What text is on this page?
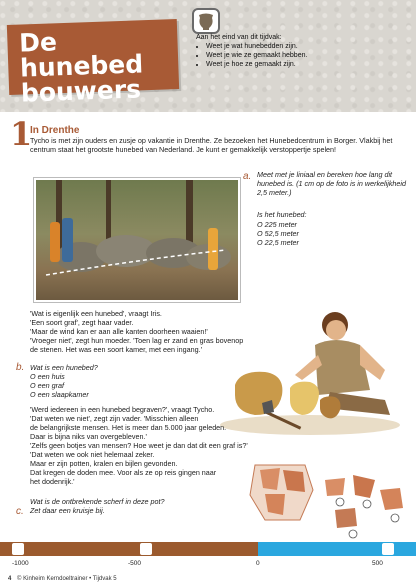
De hunebed
bouwers
Aan het eind van dit tijdvak:
• Weet je wat hunebedden zijn.
• Weet je wie ze gemaakt hebben.
• Weet je hoe ze gemaakt zijn.
1
In Drenthe
Tycho is met zijn ouders en zusje op vakantie in Drenthe. Ze bezoeken het Hunebedcentrum in Borger. Vlakbij het centrum staat het grootste hunebed van Nederland. Je kunt er gemakkelijk verstoppertje spelen!
a. Meet met je liniaal en bereken hoe lang dit hunebed is. (1 cm op de foto is in werkelijkheid 2,5 meter.)
Is het hunebed:
O 225 meter
O 52,5 meter
O 22,5 meter
'Wat is eigenlijk een hunebed', vraagt Iris.
'Een soort graf', zegt haar vader.
'Maar de wind kan er aan alle kanten doorheen waaien!'
'Vroeger niet', zegt hun moeder. 'Toen lag er zand en gras bovenop
de stenen. Het was een soort kamer, met een ingang.'
b. Wat is een hunebed?
O een huis
O een graf
O een slaapkamer
'Werd iedereen in een hunebed begraven?', vraagt Tycho.
'Dat weten we niet', zegt zijn vader. 'Misschien alleen
de belangrijkste mensen. Het is meer dan 5.000 jaar geleden.
Daar is bijna niks van overgebleven.'
'Zelfs geen botjes van mensen? Hoe weet je dan dat dit een graf is?'
'Dat weten we ook niet helemaal zeker.
Maar er zijn potten, kralen en bijlen gevonden.
Dat kregen de doden mee. Voor als ze op reis gingen naar
het dodenrijk.'
Wat is de ontbrekende scherf in deze pot?
Zet daar een kruisje bij.
c.
-1000	-500	0	500
4 © Kinheim Kerndoeltrainer • Tijdvak 5
